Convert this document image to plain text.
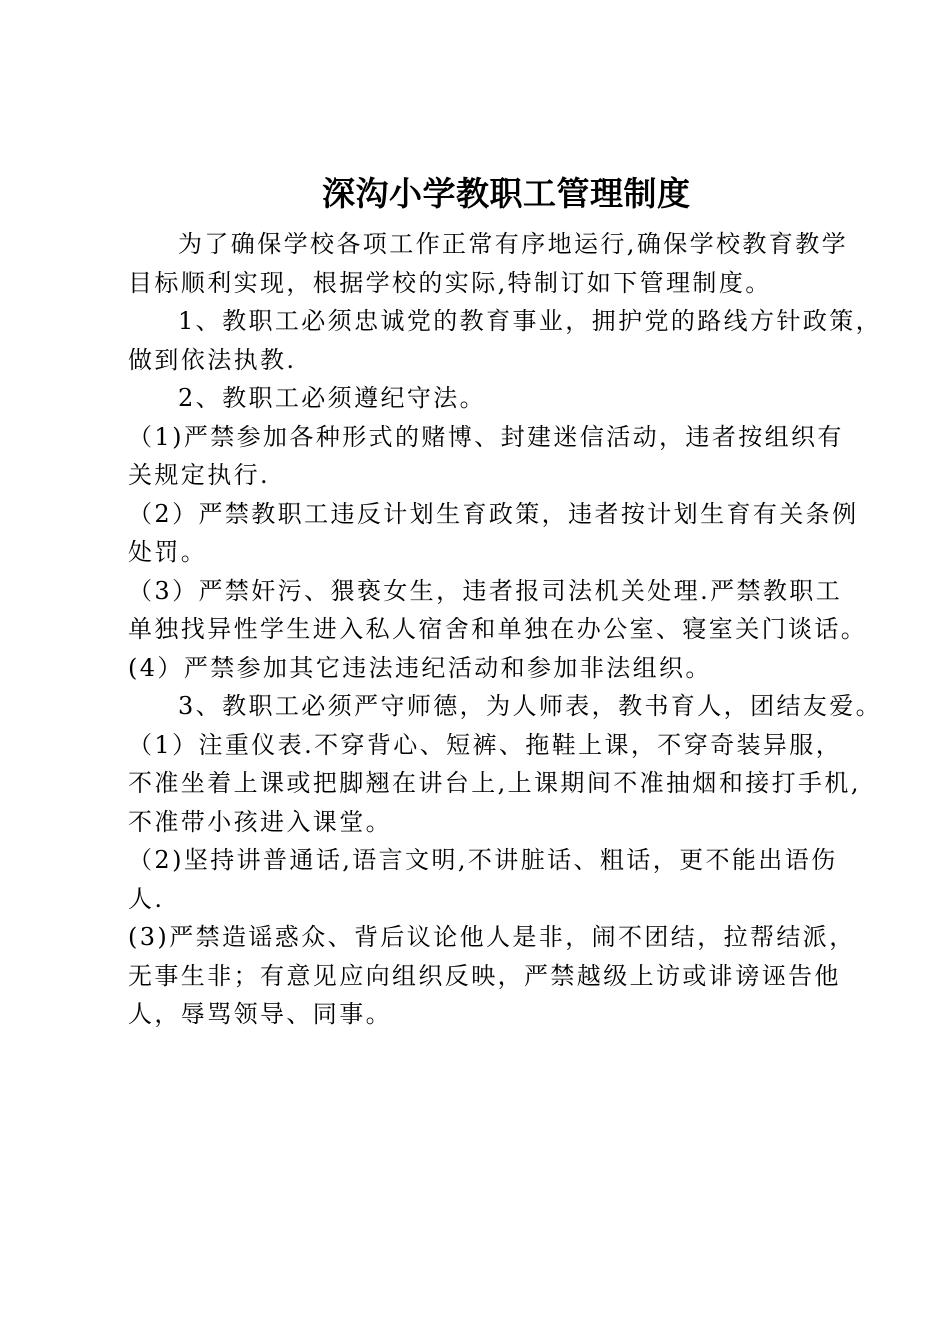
深沟小学教职工管理制度
为了确保学校各项工作正常有序地运行,确保学校教育教学
目标顺利实现，根据学校的实际,特制订如下管理制度。
1、教职工必须忠诚党的教育事业，拥护党的路线方针政策，
做到依法执教.
2、教职工必须遵纪守法。
（1)严禁参加各种形式的赌博、封建迷信活动，违者按组织有
关规定执行.
（2）严禁教职工违反计划生育政策，违者按计划生育有关条例
处罚。
（3）严禁奸污、猥亵女生，违者报司法机关处理.严禁教职工
单独找异性学生进入私人宿舍和单独在办公室、寝室关门谈话。
(4）严禁参加其它违法违纪活动和参加非法组织。
3、教职工必须严守师德，为人师表，教书育人，团结友爱。
（1）注重仪表.不穿背心、短裤、拖鞋上课，不穿奇装异服，
不准坐着上课或把脚翘在讲台上,上课期间不准抽烟和接打手机,
不准带小孩进入课堂。
（2)坚持讲普通话,语言文明,不讲脏话、粗话，更不能出语伤
人.
(3)严禁造谣惑众、背后议论他人是非，闹不团结，拉帮结派，
无事生非；有意见应向组织反映，严禁越级上访或诽谤诬告他
人，辱骂领导、同事。
